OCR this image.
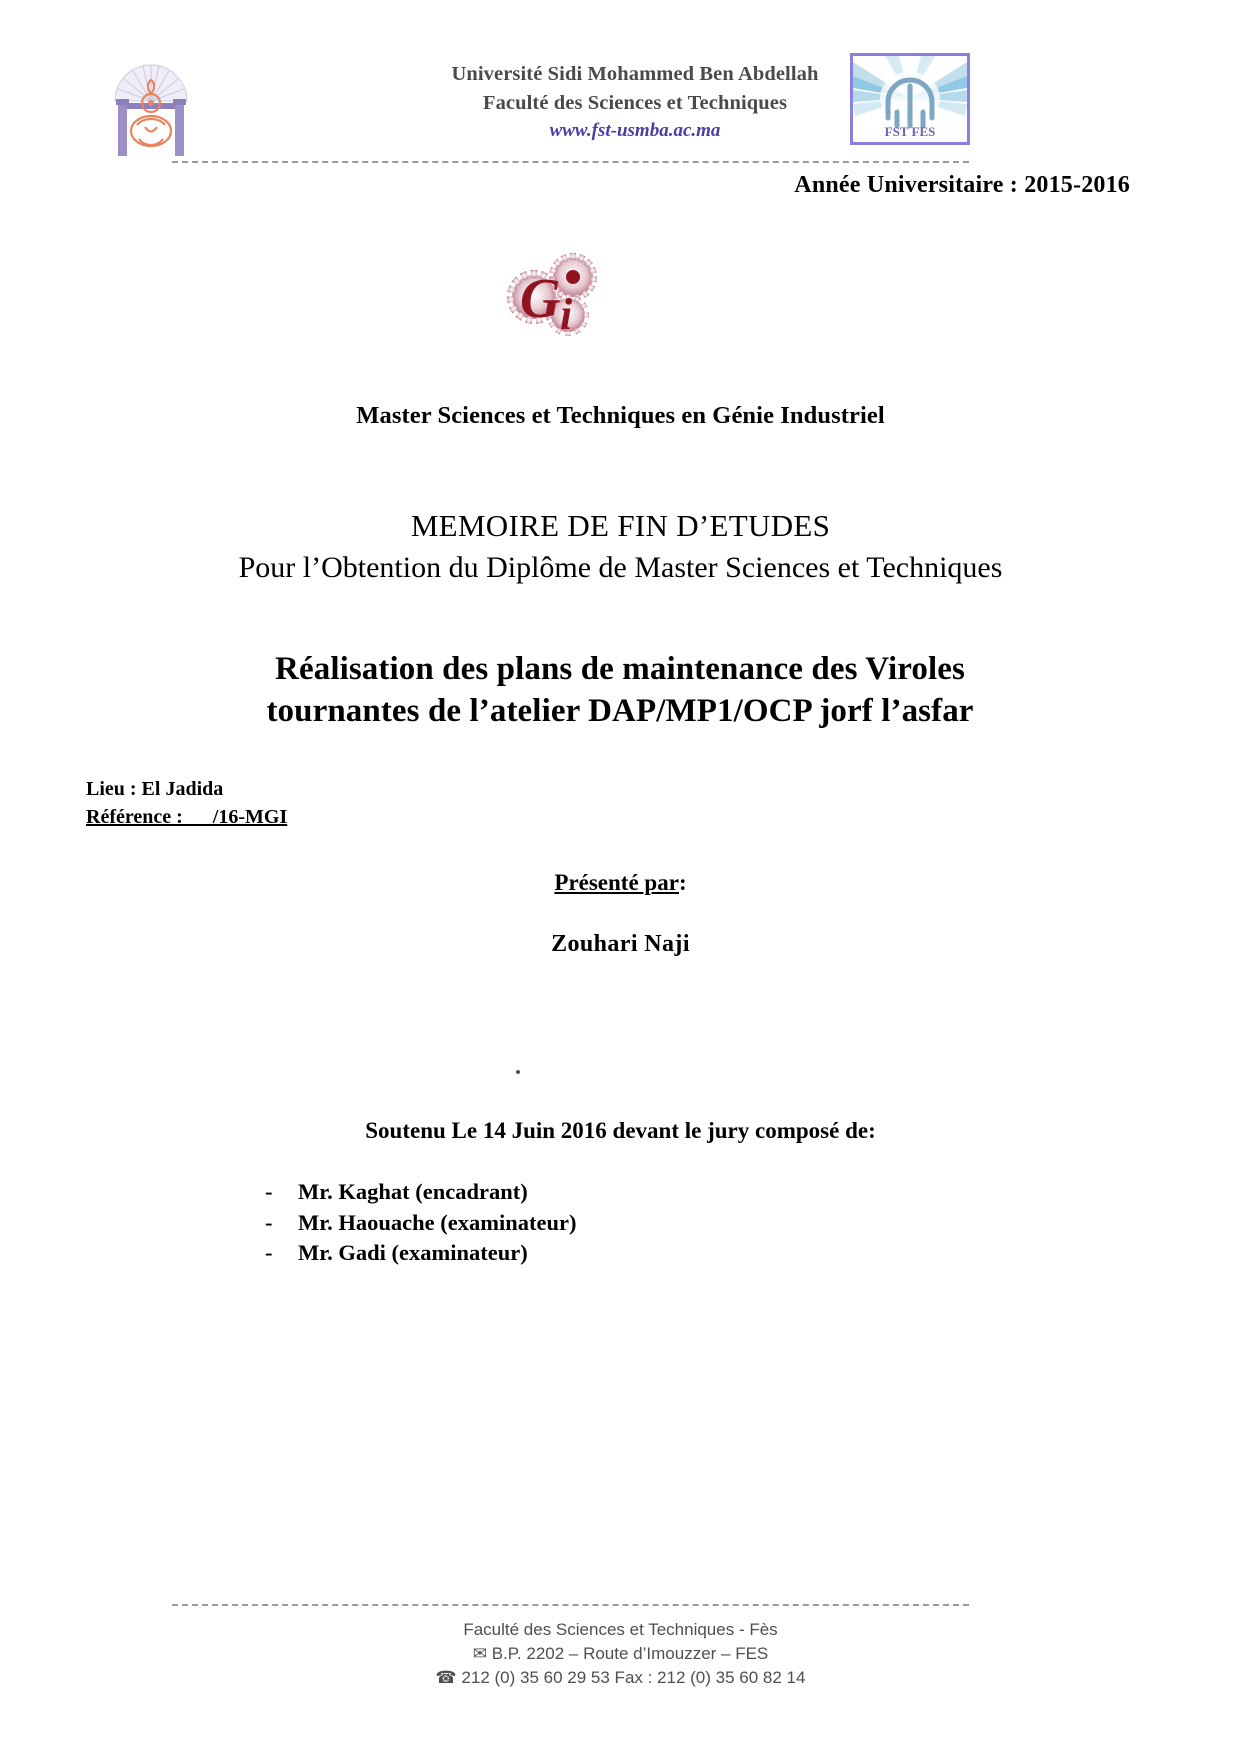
Université Sidi Mohammed Ben Abdellah
Faculté des Sciences et Techniques
www.fst-usmba.ac.ma	FST FES
Année Universitaire : 2015-2016
G i
Master Sciences et Techniques en Génie Industriel
MEMOIRE DE FIN D’ETUDES
Pour l’Obtention du Diplôme de Master Sciences et Techniques
Réalisation des plans de maintenance des Viroles
tournantes de l’atelier DAP/MP1/OCP jorf l’asfar
Lieu : El Jadida
Référence :      /16-MGI
Présenté par:
Zouhari Naji
Soutenu Le 14 Juin 2016 devant le jury composé de:
- Mr. Kaghat (encadrant)
- Mr. Haouache (examinateur)
- Mr. Gadi (examinateur)
Faculté des Sciences et Techniques - Fès
✉ B.P. 2202 – Route d’Imouzzer – FES
☎ 212 (0) 35 60 29 53 Fax : 212 (0) 35 60 82 14
